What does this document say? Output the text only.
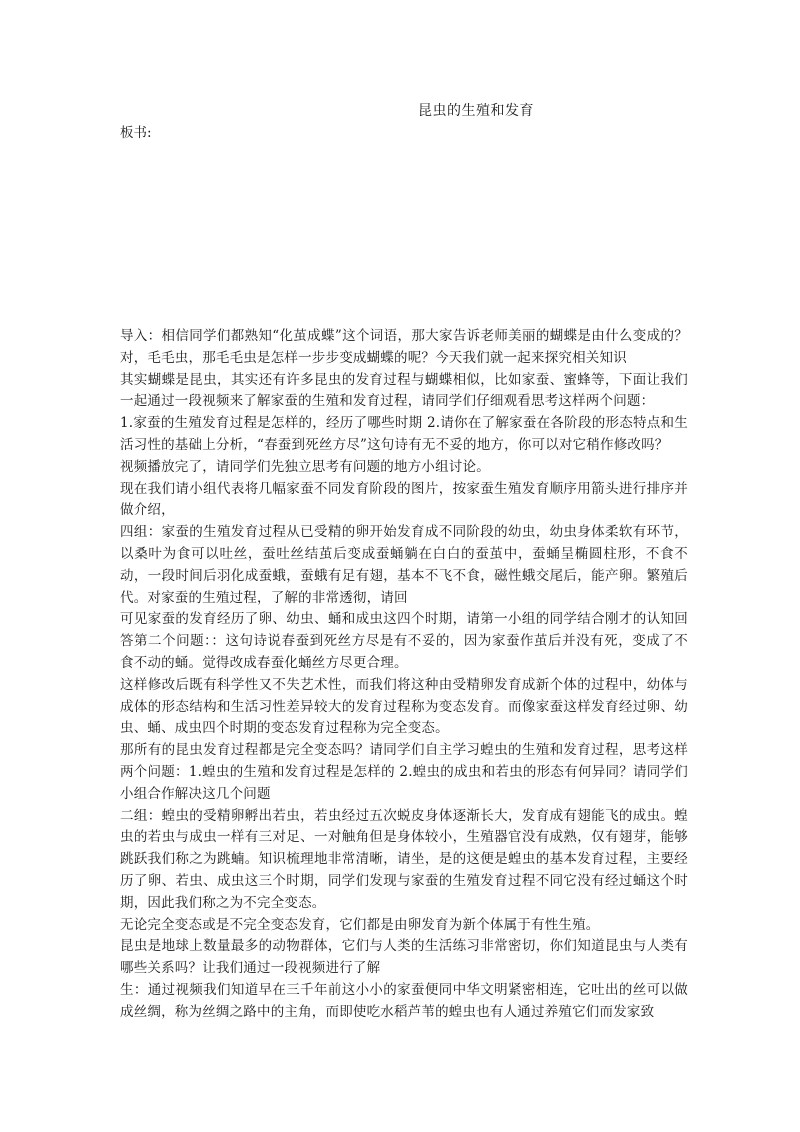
昆虫的生殖和发育
板书:

导入：相信同学们都熟知“化茧成蝶”这个词语，那大家告诉老师美丽的蝴蝶是由什么变成的？对，毛毛虫，那毛毛虫是怎样一步步变成蝴蝶的呢？今天我们就一起来探究相关知识

其实蝴蝶是昆虫，其实还有许多昆虫的发育过程与蝴蝶相似，比如家蚕、蜜蜂等，下面让我们一起通过一段视频来了解家蚕的生殖和发育过程，请同学们仔细观看思考这样两个问题：

1.家蚕的生殖发育过程是怎样的，经历了哪些时期 2.请你在了解家蚕在各阶段的形态特点和生活习性的基础上分析，“春蚕到死丝方尽”这句诗有无不妥的地方，你可以对它稍作修改吗？

视频播放完了，请同学们先独立思考有问题的地方小组讨论。

现在我们请小组代表将几幅家蚕不同发育阶段的图片，按家蚕生殖发育顺序用箭头进行排序并做介绍，

四组：家蚕的生殖发育过程从已受精的卵开始发育成不同阶段的幼虫，幼虫身体柔软有环节，以桑叶为食可以吐丝，蚕吐丝结茧后变成蚕蛹躺在白白的蚕茧中，蚕蛹呈椭圆柱形，不食不动，一段时间后羽化成蚕蛾，蚕蛾有足有翅，基本不飞不食，磁性蛾交尾后，能产卵。繁殖后代。对家蚕的生殖过程，了解的非常透彻，请回

可见家蚕的发育经历了卵、幼虫、蛹和成虫这四个时期，请第一小组的同学结合刚才的认知回答第二个问题：：这句诗说春蚕到死丝方尽是有不妥的，因为家蚕作茧后并没有死，变成了不食不动的蛹。觉得改成春蚕化蛹丝方尽更合理。

这样修改后既有科学性又不失艺术性，而我们将这种由受精卵发育成新个体的过程中，幼体与成体的形态结构和生活习性差异较大的发育过程称为变态发育。而像家蚕这样发育经过卵、幼虫、蛹、成虫四个时期的变态发育过程称为完全变态。

那所有的昆虫发育过程都是完全变态吗？请同学们自主学习蝗虫的生殖和发育过程，思考这样两个问题：1.蝗虫的生殖和发育过程是怎样的 2.蝗虫的成虫和若虫的形态有何异同？请同学们小组合作解决这几个问题

二组：蝗虫的受精卵孵出若虫，若虫经过五次蜕皮身体逐渐长大，发育成有翅能飞的成虫。蝗虫的若虫与成虫一样有三对足、一对触角但是身体较小，生殖器官没有成熟，仅有翅芽，能够跳跃我们称之为跳蝻。知识梳理地非常清晰，请坐，是的这便是蝗虫的基本发育过程，主要经历了卵、若虫、成虫这三个时期，同学们发现与家蚕的生殖发育过程不同它没有经过蛹这个时期，因此我们称之为不完全变态。

无论完全变态或是不完全变态发育，它们都是由卵发育为新个体属于有性生殖。

昆虫是地球上数量最多的动物群体，它们与人类的生活练习非常密切，你们知道昆虫与人类有哪些关系吗？让我们通过一段视频进行了解

生：通过视频我们知道早在三千年前这小小的家蚕便同中华文明紧密相连，它吐出的丝可以做成丝绸，称为丝绸之路中的主角，而即使吃水稻芦苇的蝗虫也有人通过养殖它们而发家致
